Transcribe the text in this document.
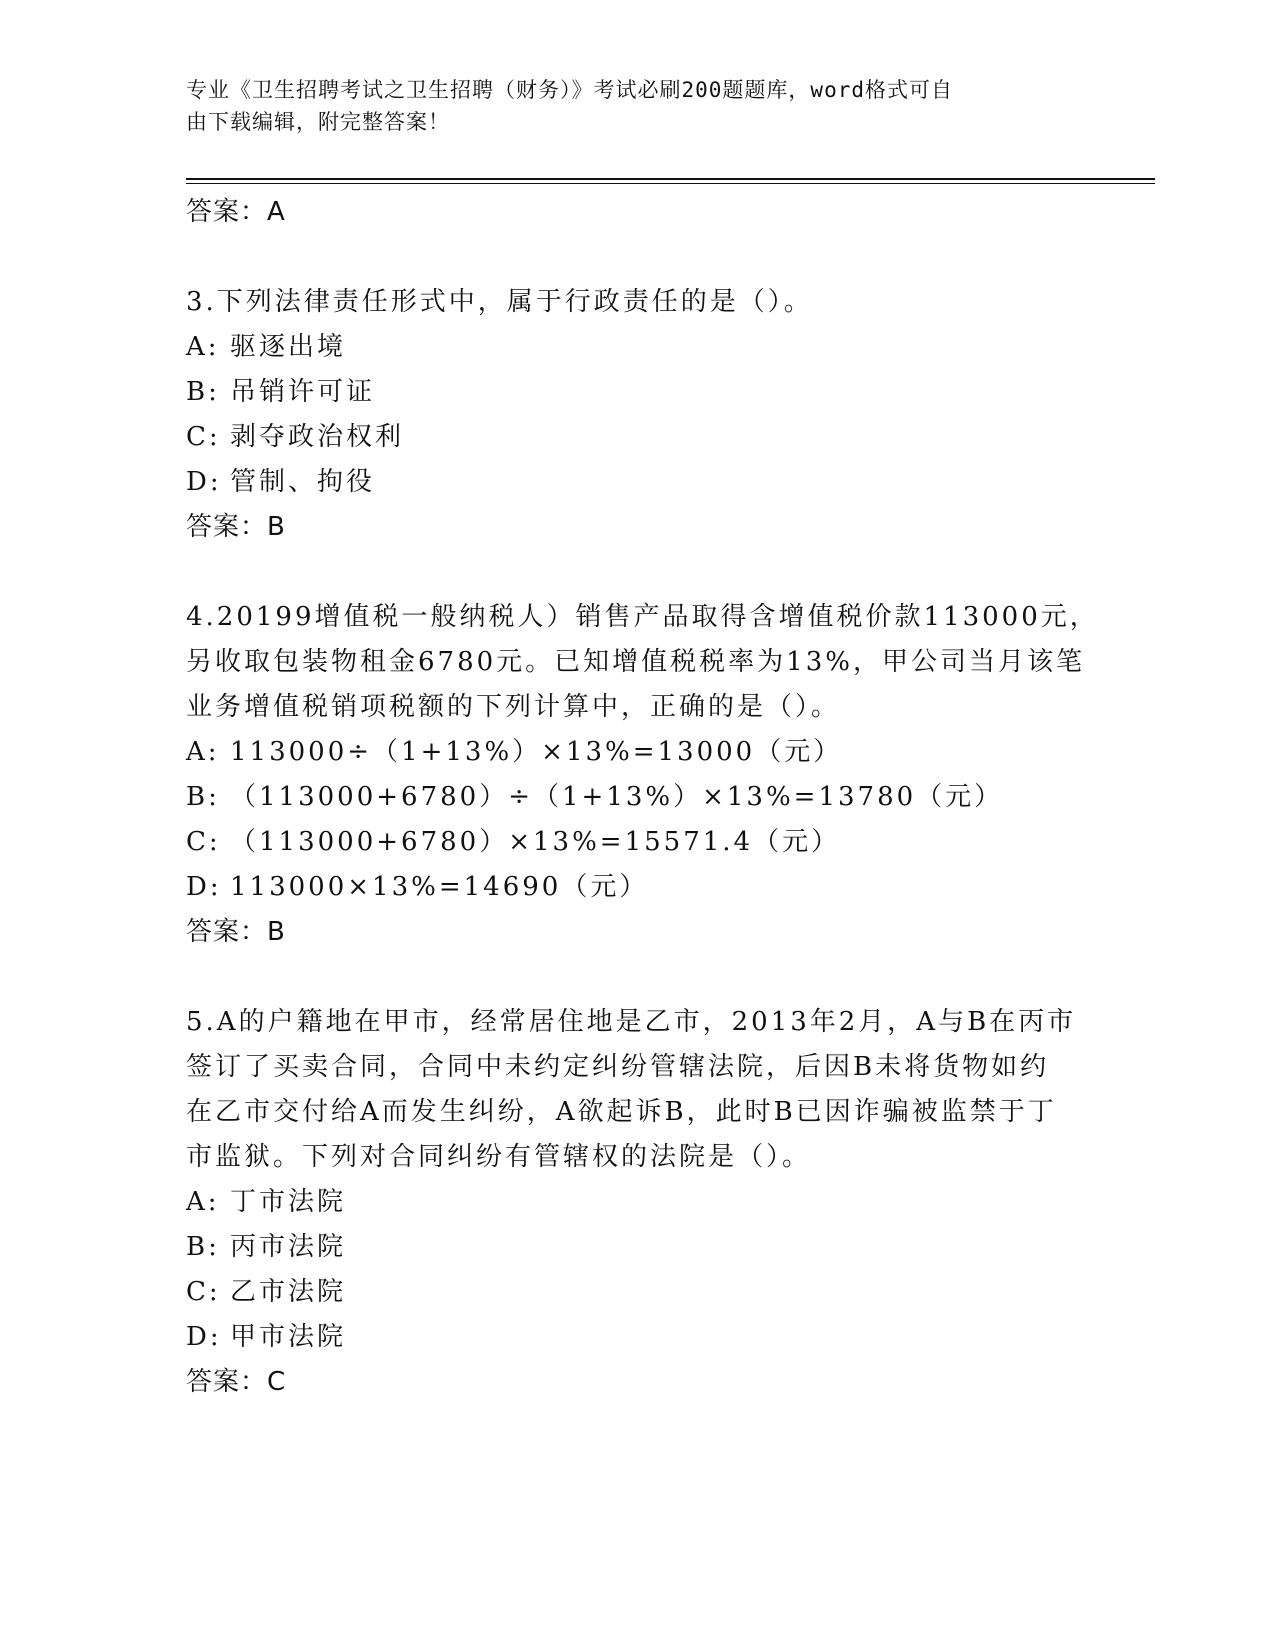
专业《卫生招聘考试之卫生招聘（财务）》考试必刷200题题库，word格式可自
由下载编辑，附完整答案！
答案：A
3.下列法律责任形式中，属于行政责任的是（）。
A: 驱逐出境
B: 吊销许可证
C: 剥夺政治权利
D: 管制、拘役
答案：B
4.20199增值税一般纳税人）销售产品取得含增值税价款113000元，
另收取包装物租金6780元。已知增值税税率为13%，甲公司当月该笔
业务增值税销项税额的下列计算中，正确的是（）。
A: 113000÷（1+13%）×13%=13000（元）
B: （113000+6780）÷（1+13%）×13%=13780（元）
C: （113000+6780）×13%=15571.4（元）
D: 113000×13%=14690（元）
答案：B
5.A的户籍地在甲市，经常居住地是乙市，2013年2月，A与B在丙市
签订了买卖合同，合同中未约定纠纷管辖法院，后因B未将货物如约
在乙市交付给A而发生纠纷，A欲起诉B，此时B已因诈骗被监禁于丁
市监狱。下列对合同纠纷有管辖权的法院是（）。
A: 丁市法院
B: 丙市法院
C: 乙市法院
D: 甲市法院
答案：C
